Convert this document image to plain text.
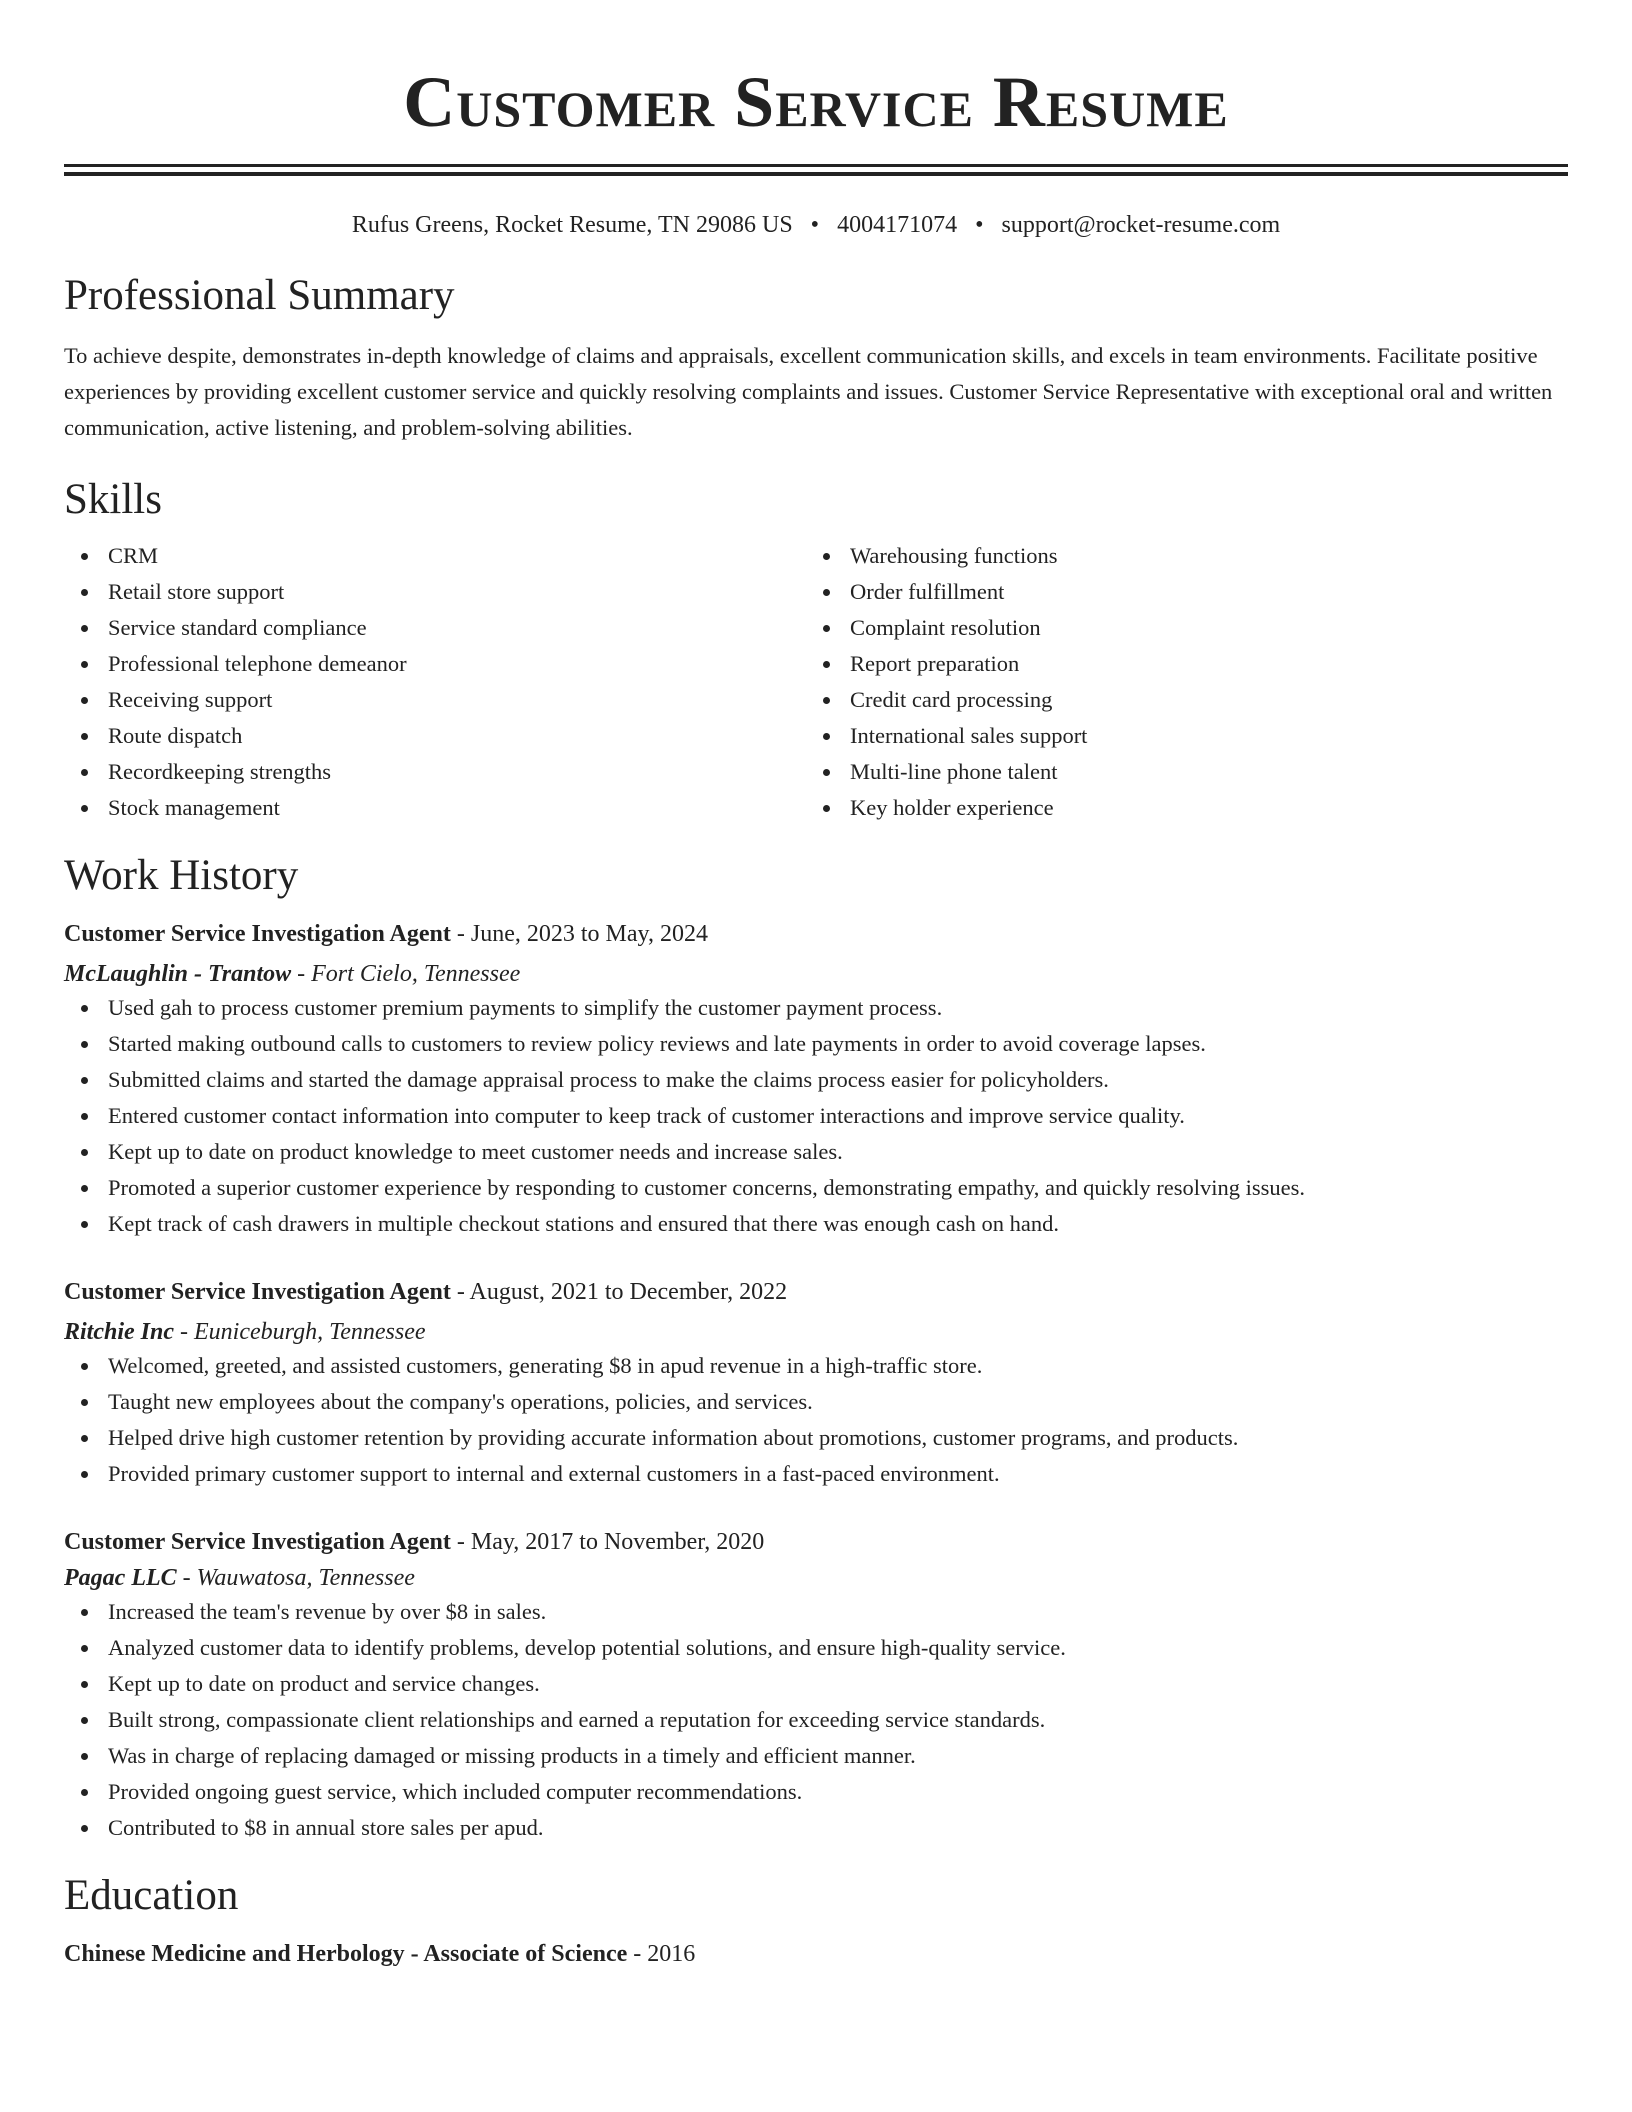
Customer Service Resume
Rufus Greens, Rocket Resume, TN 29086 US • 4004171074 • support@rocket-resume.com
Professional Summary

To achieve despite, demonstrates in-depth knowledge of claims and appraisals, excellent communication skills, and excels in team environments. Facilitate positive experiences by providing excellent customer service and quickly resolving complaints and issues. Customer Service Representative with exceptional oral and written communication, active listening, and problem-solving abilities.

Skills
CRM
Retail store support
Service standard compliance
Professional telephone demeanor
Receiving support
Route dispatch
Recordkeeping strengths
Stock management
Warehousing functions
Order fulfillment
Complaint resolution
Report preparation
Credit card processing
International sales support
Multi-line phone talent
Key holder experience
Work History
Customer Service Investigation Agent - June, 2023 to May, 2024
McLaughlin - Trantow - Fort Cielo, Tennessee
Used gah to process customer premium payments to simplify the customer payment process.
Started making outbound calls to customers to review policy reviews and late payments in order to avoid coverage lapses.
Submitted claims and started the damage appraisal process to make the claims process easier for policyholders.
Entered customer contact information into computer to keep track of customer interactions and improve service quality.
Kept up to date on product knowledge to meet customer needs and increase sales.
Promoted a superior customer experience by responding to customer concerns, demonstrating empathy, and quickly resolving issues.
Kept track of cash drawers in multiple checkout stations and ensured that there was enough cash on hand.
Customer Service Investigation Agent - August, 2021 to December, 2022
Ritchie Inc - Euniceburgh, Tennessee
Welcomed, greeted, and assisted customers, generating $8 in apud revenue in a high-traffic store.
Taught new employees about the company's operations, policies, and services.
Helped drive high customer retention by providing accurate information about promotions, customer programs, and products.
Provided primary customer support to internal and external customers in a fast-paced environment.
Customer Service Investigation Agent - May, 2017 to November, 2020
Pagac LLC - Wauwatosa, Tennessee
Increased the team's revenue by over $8 in sales.
Analyzed customer data to identify problems, develop potential solutions, and ensure high-quality service.
Kept up to date on product and service changes.
Built strong, compassionate client relationships and earned a reputation for exceeding service standards.
Was in charge of replacing damaged or missing products in a timely and efficient manner.
Provided ongoing guest service, which included computer recommendations.
Contributed to $8 in annual store sales per apud.
Education
Chinese Medicine and Herbology - Associate of Science - 2016
